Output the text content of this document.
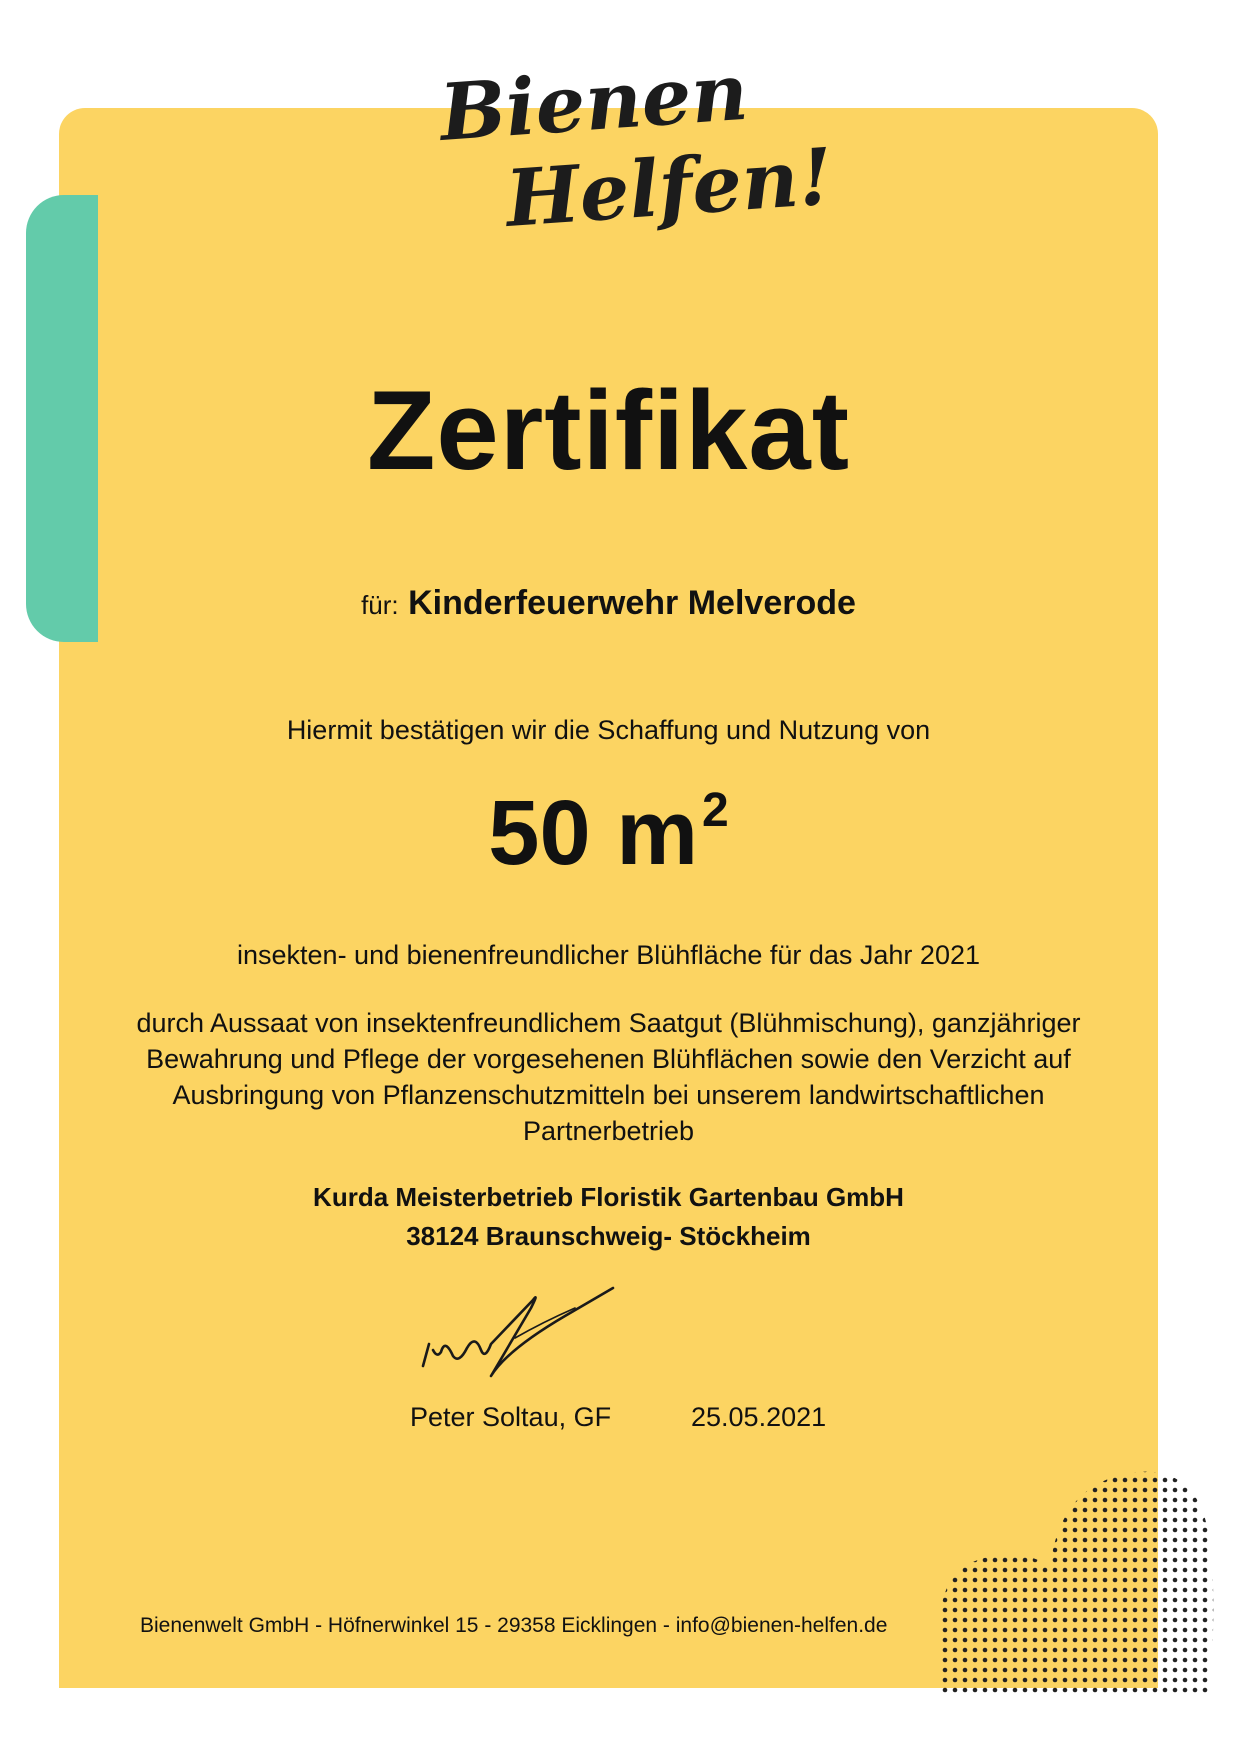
Bienen
Helfen!
Zertifikat
für: Kinderfeuerwehr Melverode
Hiermit bestätigen wir die Schaffung und Nutzung von
50 $m^2$
insekten- und bienenfreundlicher Blühfläche für das Jahr 2021
durch Aussaat von insektenfreundlichem Saatgut (Blühmischung), ganzjähriger
Bewahrung und Pflege der vorgesehenen Blühflächen sowie den Verzicht auf
Ausbringung von Pflanzenschutzmitteln bei unserem landwirtschaftlichen
Partnerbetrieb
Kurda Meisterbetrieb Floristik Gartenbau GmbH
38124 Braunschweig- Stöckheim
Peter Soltau, GF	25.05.2021
Bienenwelt GmbH - Höfnerwinkel 15 - 29358 Eicklingen - info@bienen-helfen.de
